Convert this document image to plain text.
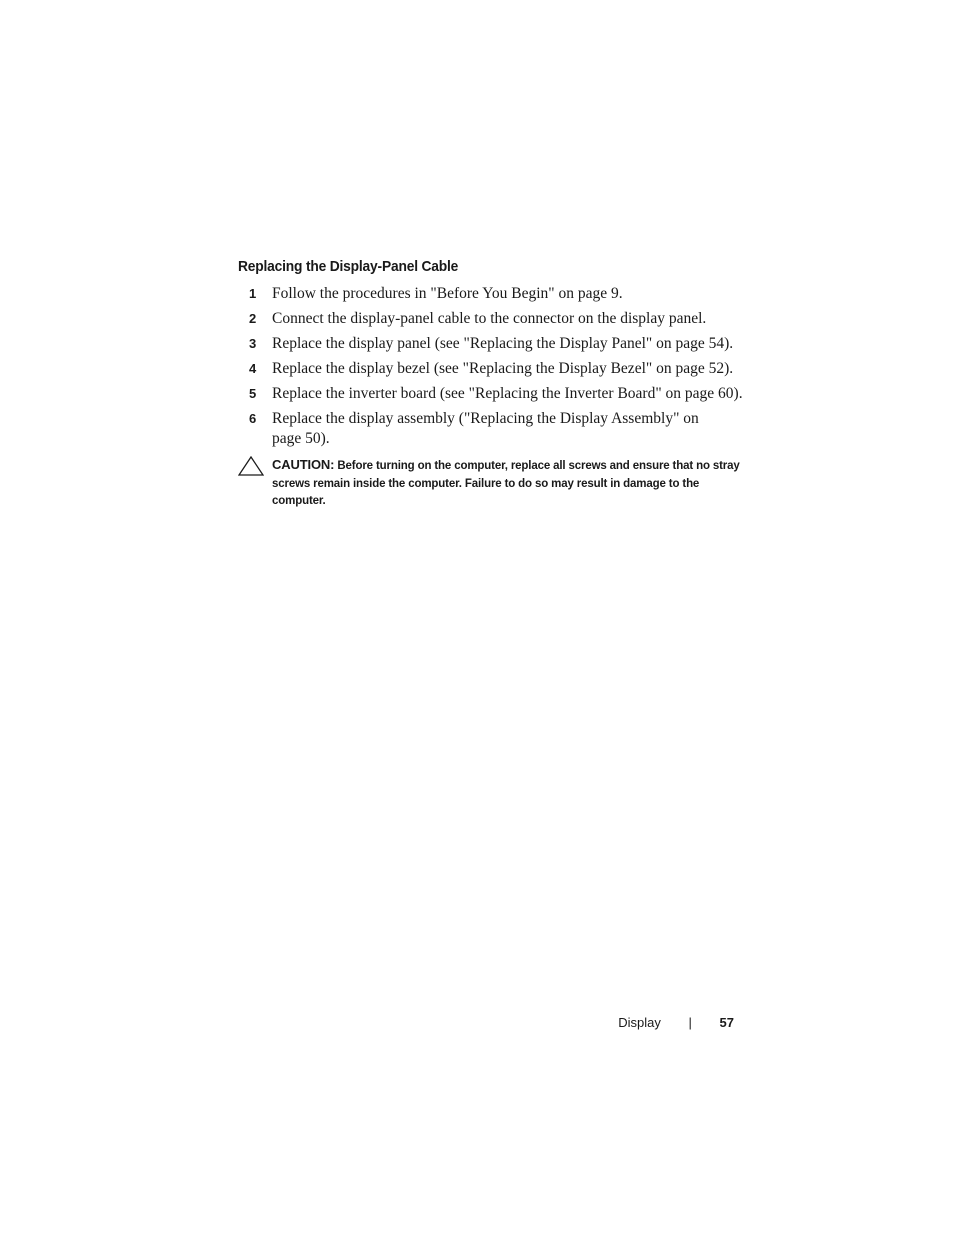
Replacing the Display-Panel Cable
1 Follow the procedures in "Before You Begin" on page 9.
2 Connect the display-panel cable to the connector on the display panel.
3 Replace the display panel (see "Replacing the Display Panel" on page 54).
4 Replace the display bezel (see "Replacing the Display Bezel" on page 52).
5 Replace the inverter board (see "Replacing the Inverter Board" on page 60).
6 Replace the display assembly ("Replacing the Display Assembly" on page 50).
CAUTION: Before turning on the computer, replace all screws and ensure that no stray screws remain inside the computer. Failure to do so may result in damage to the computer.
Display | 57
